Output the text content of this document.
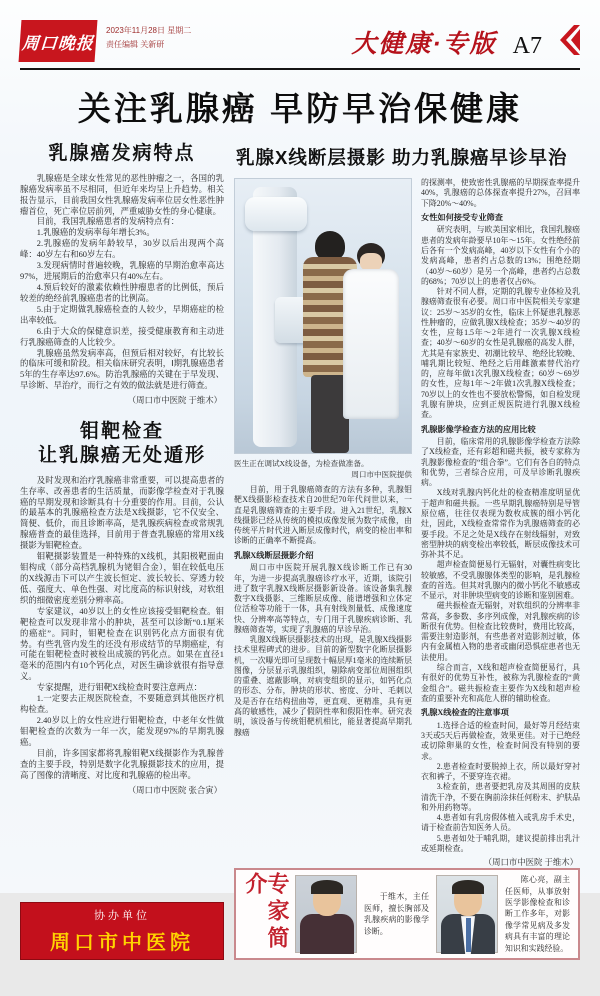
周口晚报
2023年11月28日 星期二
责任编辑 关新研	大健康·专版 A7
关注乳腺癌 早防早治保健康
乳腺癌发病特点

乳腺癌是全球女性常见的恶性肿瘤之一，各国的乳腺癌发病率虽不尽相同，但近年来均呈上升趋势。相关报告显示，目前我国女性乳腺癌发病率位居女性恶性肿瘤首位，死亡率位居前列，严重威胁女性的身心健康。

目前，我国乳腺癌患者的发病特点有：

1.乳腺癌的发病率每年增长3%。

2.乳腺癌的发病年龄较早，30岁以后出现两个高峰：40岁左右和60岁左右。

3.发现病情时普遍较晚，乳腺癌的早期治愈率高达97%，进展期后的治愈率只有40%左右。

4.预后较好的激素依赖性肿瘤患者的比例低，预后较差的绝经前乳腺癌患者的比例高。

5.由于定期做乳腺癌检查的人较少，早期癌症的检出率较低。

6.由于大众的保健意识差，接受健康教育和主动进行乳腺癌筛查的人比较少。

乳腺癌虽然发病率高，但预后相对较好，有比较长的临床可缓和阶段。相关临床研究表明，Ⅰ期乳腺癌患者5年的生存率达97.6%。防治乳腺癌的关键在于早发现、早诊断、早治疗，而行之有效的做法就是进行筛查。

（周口市中医院 于维木）
钼靶检查
让乳腺癌无处遁形

及时发现和治疗乳腺癌非常重要，可以提高患者的生存率、改善患者的生活质量，而影像学检查对于乳腺癌的早期发现和诊断具有十分重要的作用。目前，公认的最基本的乳腺癌检查方法是X线摄影，它不仅安全、简便、低价，而且诊断率高，是乳腺疾病检查或常规乳腺癌普查的最佳选择，目前用于普查乳腺癌的常用X线摄影为钼靶检查。

钼靶摄影装置是一种特殊的X线机，其阳极靶面由钼构成（部分高档乳腺机为铑钼合金），钼在较低电压的X线源击下可以产生波长恒定、波长较长、穿透力较低、强度大、单色性强、对比度高的标识射线，对软组织的细微密度差别分辨率高。

专家建议，40岁以上的女性应该接受钼靶检查。钼靶检查可以发现非常小的肿块，甚至可以诊断“0.1厘米的癌症”。同时，钼靶检查在识别钙化点方面很有优势。有些乳管内发生的还没有形成结节的早期癌症，有可能在钼靶检查时被检出成簇的钙化点。如果在直径1毫米的范围内有10个钙化点，对医生确诊就很有指导意义。

专家提醒，进行钼靶X线检查时要注意两点：

1.一定要去正规医院检查，不要随意到其他医疗机构检查。

2.40岁以上的女性应进行钼靶检查，中老年女性做钼靶检查的次数为一年一次，能发现97%的早期乳腺癌。

目前，许多国家都将乳腺钼靶X线摄影作为乳腺普查的主要手段，特别是数字化乳腺摄影技术的应用，提高了图像的清晰度、对比度和乳腺癌的检出率。

（周口市中医院 张合寅）
协办单位
周口市中医院
乳腺X线断层摄影 助力乳腺癌早诊早治
医生正在调试X线设备，为检查做准备。
周口市中医院提供

目前，用于乳腺癌筛查的方法有多种，乳腺钼靶X线摄影检查技术自20世纪70年代问世以来，一直是乳腺癌筛查的主要手段。进入21世纪，乳腺X线摄影已经从传统的模拟成像发展为数字成像，由传统平片时代进入断层成像时代，病变的检出率和诊断的正确率不断提高。

乳腺X线断层摄影介绍

周口市中医院开展乳腺X线诊断工作已有30年，为进一步提高乳腺癌诊疗水平，近期，该院引进了数字乳腺X线断层摄影新设备。该设备集乳腺数字X线摄影、三维断层成像、能谱增强和立体定位活检等功能于一体，具有射线剂量低、成像速度快、分辨率高等特点，专门用于乳腺疾病诊断、乳腺癌筛查等，实现了乳腺癌的早诊早治。

乳腺X线断层摄影技术的出现，是乳腺X线摄影技术里程碑式的进步。目前的新型数字化断层摄影机，一次曝光即可呈现数十幅层厚1毫米的连续断层图像，分层显示乳腺组织，剔除病变部位周围组织的重叠、遮蔽影响，对病变组织的显示，如钙化点的形态、分布，肿块的形状、密度、分叶、毛刺以及是否存在结构扭曲等，更直观、更精准，具有更高的敏感性，减少了假阴性率和假阳性率。研究表明，该设备与传统钼靶机相比，能显著提高早期乳腺癌

的探测率，使致密性乳腺癌的早期探查率提升40%，乳腺癌的总体探查率提升27%，召回率下降20%～40%。

女性如何接受专业筛查

研究表明，与欧美国家相比，我国乳腺癌患者的发病年龄要早10年～15年。女性绝经前后各有一个发病高峰，40岁以下女性有个小的发病高峰，患者约占总数的13%；围绝经期（40岁～60岁）是另一个高峰，患者约占总数的68%；70岁以上的患者仅占6%。

针对不同人群，定期的乳腺专业体检及乳腺癌筛查很有必要。周口市中医院相关专家建议：25岁～35岁的女性，临床上怀疑患乳腺恶性肿瘤的，应做乳腺X线检查；35岁～40岁的女性，应每1.5年～2年进行一次乳腺X线检查；40岁～60岁的女性是乳腺癌的高发人群，尤其是有家族史、初潮比较早、绝经比较晚、哺乳期比较短、绝经之后用雌激素替代治疗的，应每年做1次乳腺X线检查；60岁～69岁的女性，应每1年～2年做1次乳腺X线检查；70岁以上的女性也不要放松警惕，如自检发现乳腺有肿块，应到正规医院进行乳腺X线检查。

乳腺影像学检查方法的应用比较

目前，临床常用的乳腺影像学检查方法除了X线检查，还有彩超和磁共振，被专家称为乳腺影像检查的“组合拳”。它们有各自的特点和优势，三者综合应用，可及早诊断乳腺疾病。

X线对乳腺内钙化灶的检查精准度明显优于超声和磁共振。一些早期乳腺癌特别是导管原位癌，往往仅表现为数枚成簇的细小钙化灶，因此，X线检查常常作为乳腺癌筛查的必要手段。不足之处是X线存在射线辐射，对致密型肿块的病变检出率较低，断层成像技术可弥补其不足。

超声检查简便易行无辐射，对囊性病变比较敏感，不受乳腺腺体类型的影响，是乳腺检查的首选。但其对乳腺内的微小钙化不敏感或不显示，对非肿块型病变的诊断和鉴别困难。

磁共振检查无辐射，对软组织的分辨率非常高，多参数、多序列成像，对乳腺疾病的诊断很有优势。但检查比较费时，费用比较高，需要注射造影剂，有些患者对造影剂过敏，体内有金属植入物的患者或幽闭恐惧症患者也无法使用。

综合而言，X线和超声检查简便易行，具有很好的优势互补性，被称为乳腺检查的“黄金组合”。磁共振检查主要作为X线和超声检查的重要补充和高危人群的辅助检查。

乳腺X线检查的注意事项

1.选择合适的检查时间，最好等月经结束3天或5天后再做检查，效果更佳。对于已绝经或切除卵巢的女性，检查时间没有特别的要求。

2.患者检查时要脱掉上衣，所以最好穿衬衣和裤子，不要穿连衣裙。

3.检查前，患者要把乳房及其周围的皮肤清洗干净，不要在胸前涂抹任何粉末、护肤品和外用药物等。

4.患者如有乳房假体植入或乳房手术史，请于检查前告知医务人员。

5.患者如处于哺乳期，建议提前排出乳汁或延期检查。

（周口市中医院 于维木）
专家简介	于维木，主任医师，擅长胸部及乳腺疾病的影像学诊断。
陈心亮，副主任医师，从事放射医学影像检查和诊断工作多年，对影像学常见病及多发病具有丰富的理论知识和实践经验。
